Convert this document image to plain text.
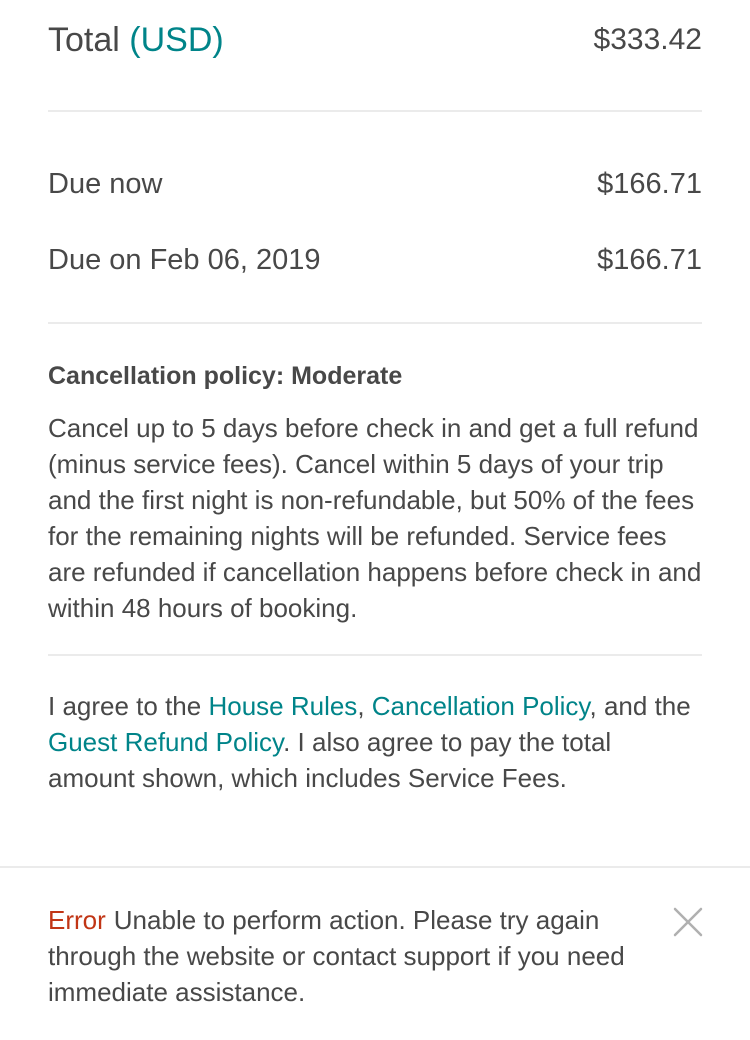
Total (USD)	$333.42
Due now	$166.71
Due on Feb 06, 2019	$166.71
Cancellation policy: Moderate
Cancel up to 5 days before check in and get a full refund (minus service fees). Cancel within 5 days of your trip and the first night is non-refundable, but 50% of the fees for the remaining nights will be refunded. Service fees are refunded if cancellation happens before check in and within 48 hours of booking.
I agree to the House Rules, Cancellation Policy, and the Guest Refund Policy. I also agree to pay the total amount shown, which includes Service Fees.
Error Unable to perform action. Please try again through the website or contact support if you need immediate assistance.
